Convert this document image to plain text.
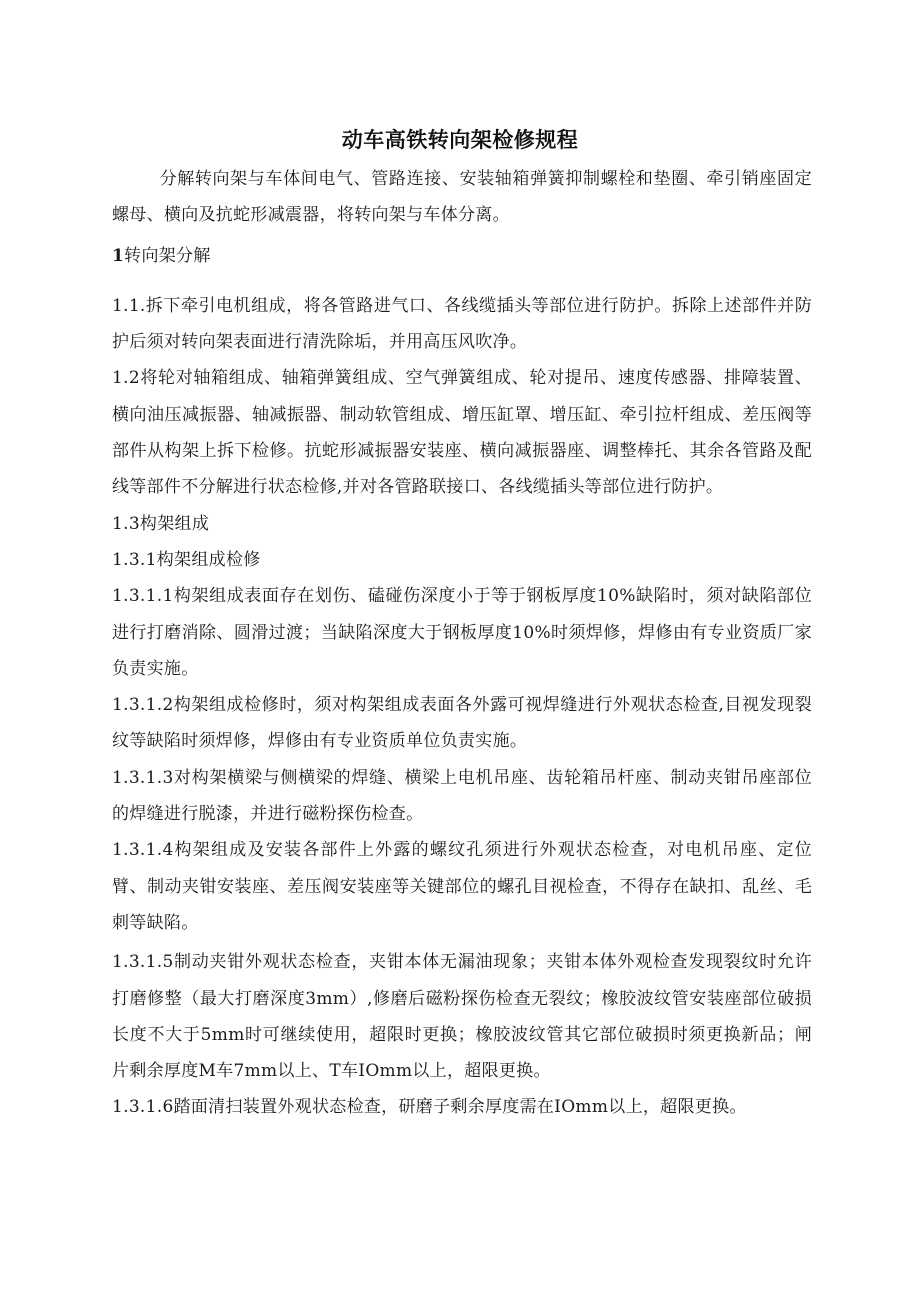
动车高铁转向架检修规程

分解转向架与车体间电气、管路连接、安装轴箱弹簧抑制螺栓和垫圈、牵引销座固定螺母、横向及抗蛇形减震器，将转向架与车体分离。

1转向架分解

1.1.拆下牵引电机组成，将各管路进气口、各线缆插头等部位进行防护。拆除上述部件并防护后须对转向架表面进行清洗除垢，并用高压风吹净。

1.2将轮对轴箱组成、轴箱弹簧组成、空气弹簧组成、轮对提吊、速度传感器、排障装置、横向油压减振器、轴减振器、制动软管组成、增压缸罩、增压缸、牵引拉杆组成、差压阀等部件从构架上拆下检修。抗蛇形减振器安装座、横向减振器座、调整棒托、其余各管路及配线等部件不分解进行状态检修,并对各管路联接口、各线缆插头等部位进行防护。

1.3构架组成

1.3.1构架组成检修

1.3.1.1构架组成表面存在划伤、磕碰伤深度小于等于钢板厚度10%缺陷时，须对缺陷部位进行打磨消除、圆滑过渡；当缺陷深度大于钢板厚度10%时须焊修，焊修由有专业资质厂家负责实施。

1.3.1.2构架组成检修时，须对构架组成表面各外露可视焊缝进行外观状态检查,目视发现裂纹等缺陷时须焊修，焊修由有专业资质单位负责实施。

1.3.1.3对构架横梁与侧横梁的焊缝、横梁上电机吊座、齿轮箱吊杆座、制动夹钳吊座部位的焊缝进行脱漆，并进行磁粉探伤检查。

1.3.1.4构架组成及安装各部件上外露的螺纹孔须进行外观状态检查，对电机吊座、定位臂、制动夹钳安装座、差压阀安装座等关键部位的螺孔目视检查，不得存在缺扣、乱丝、毛刺等缺陷。

1.3.1.5制动夹钳外观状态检查，夹钳本体无漏油现象；夹钳本体外观检查发现裂纹时允许打磨修整（最大打磨深度3mm）,修磨后磁粉探伤检查无裂纹；橡胶波纹管安装座部位破损长度不大于5mm时可继续使用，超限时更换；橡胶波纹管其它部位破损时须更换新品；闸片剩余厚度M车7mm以上、T车IOmm以上，超限更换。

1.3.1.6踏面清扫装置外观状态检查，研磨子剩余厚度需在IOmm以上，超限更换。
